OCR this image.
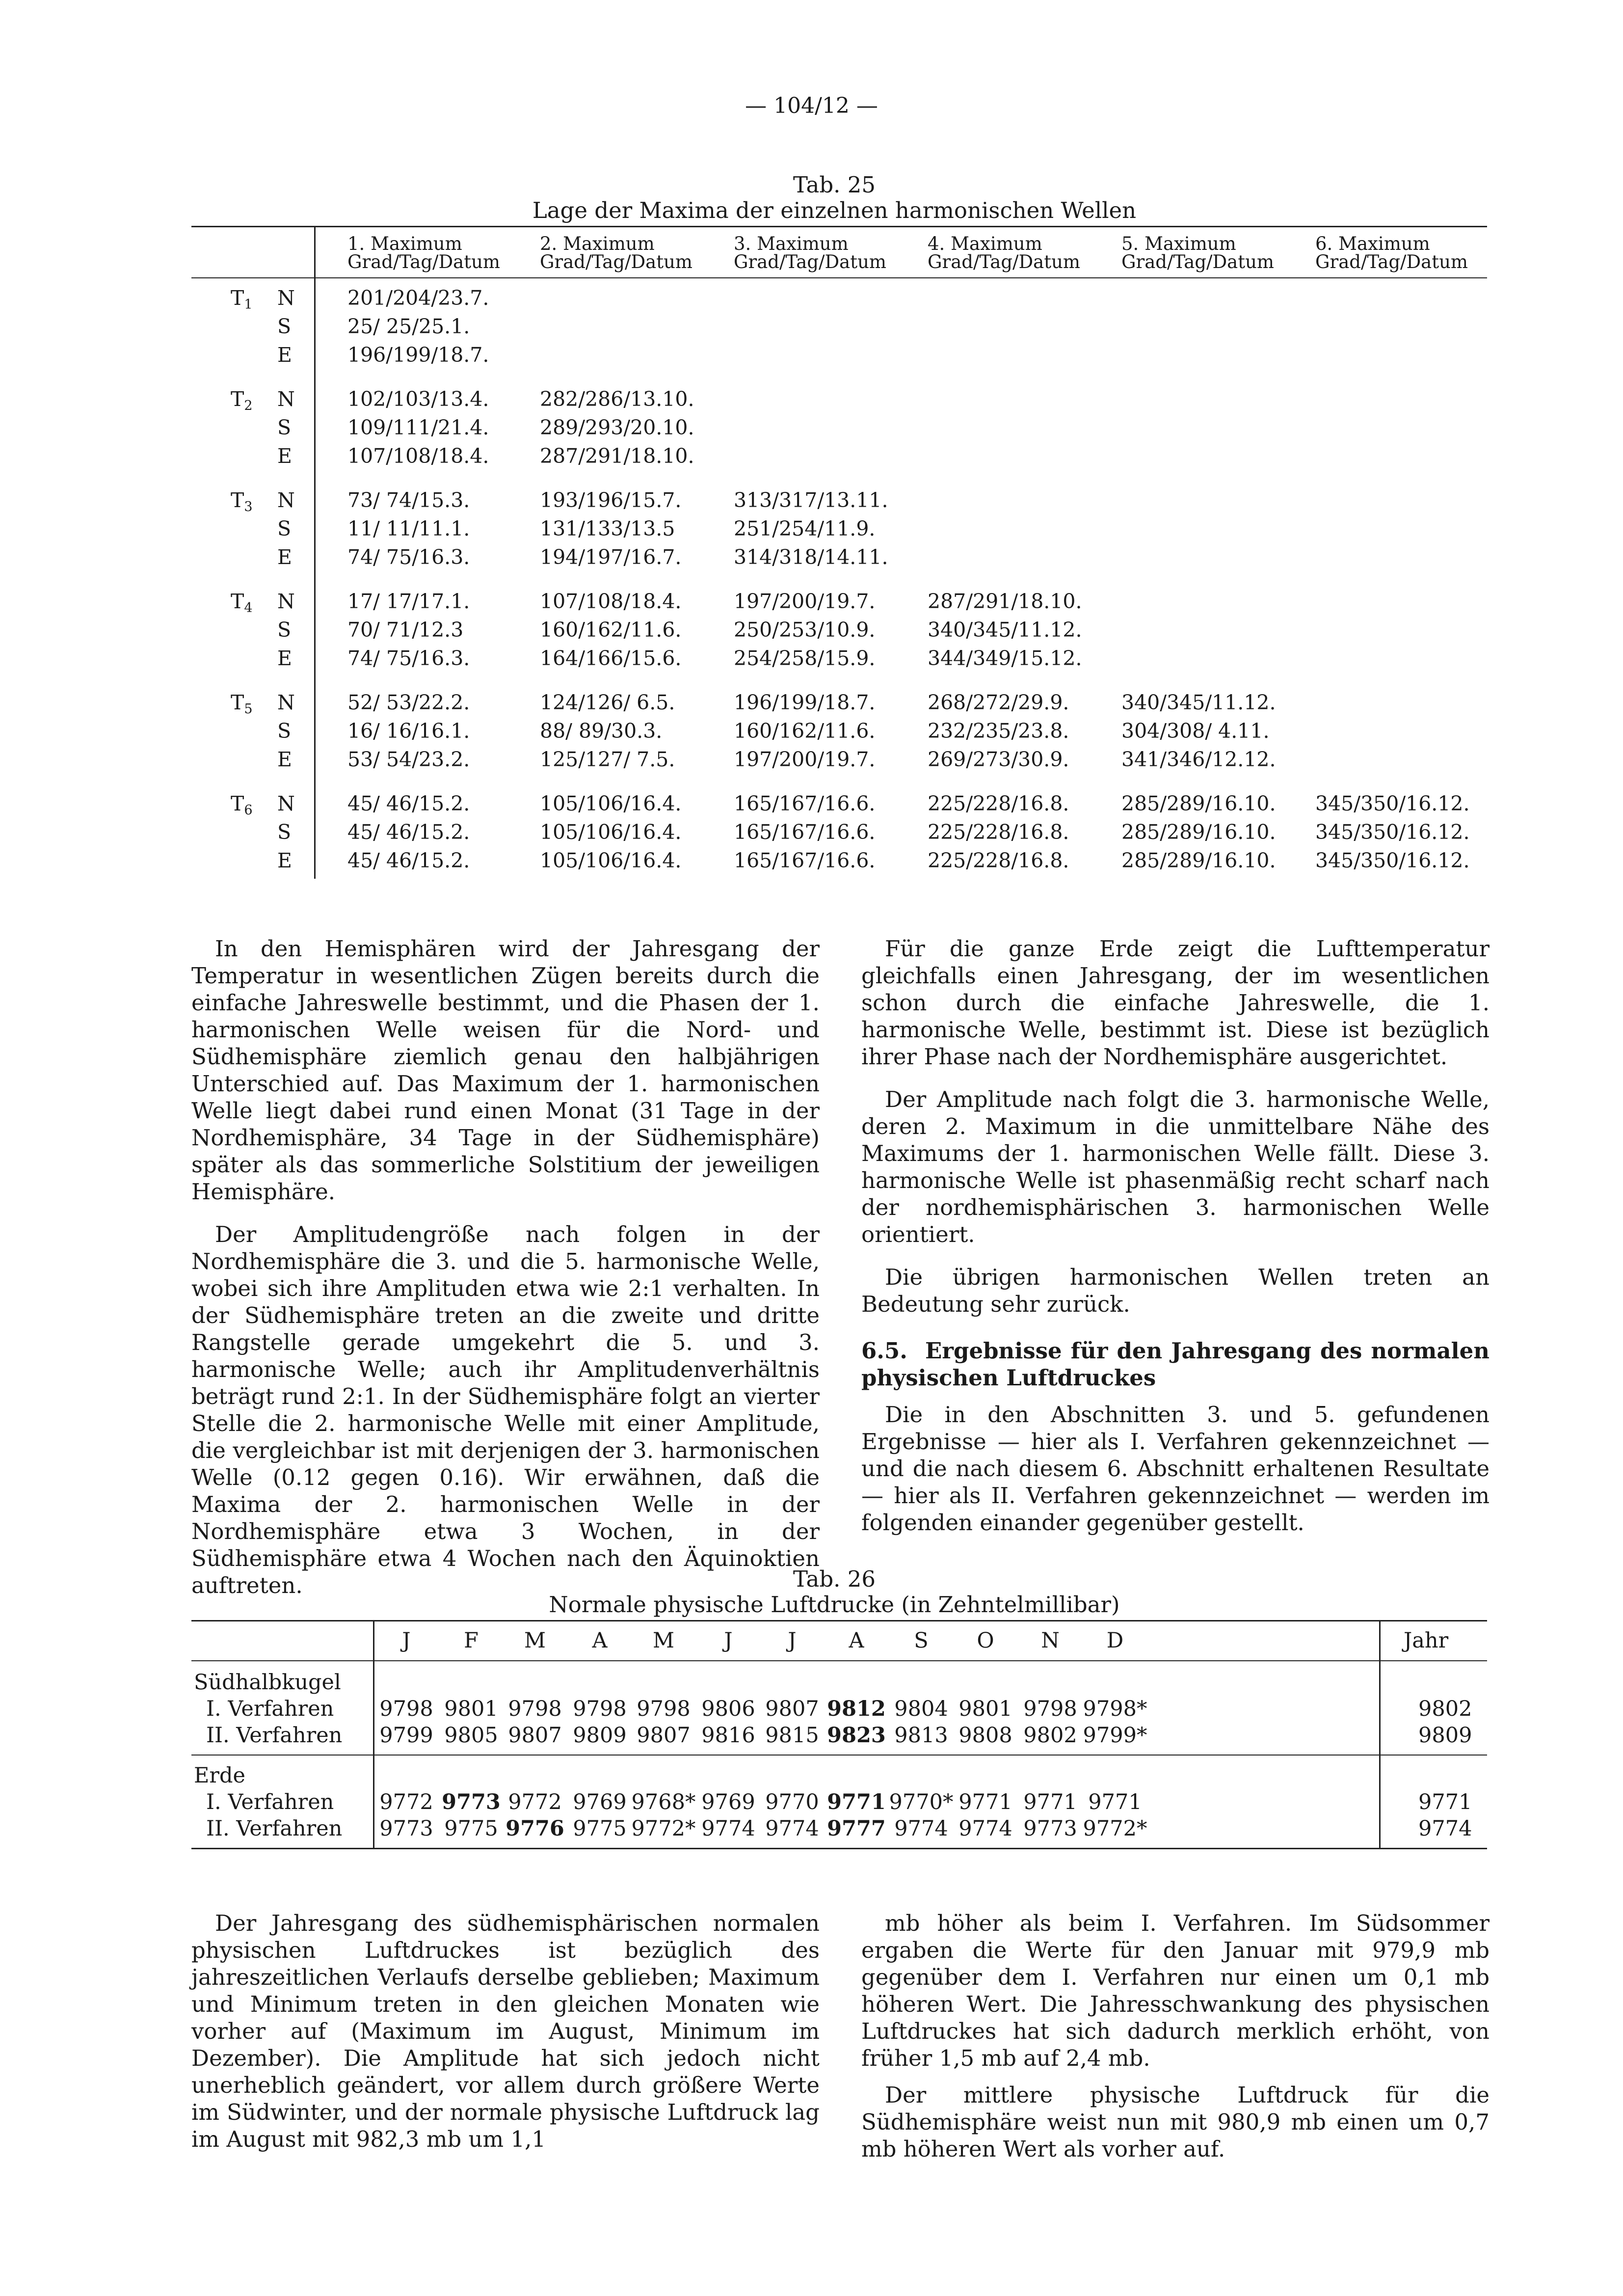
— 104/12 —
Tab. 25
Lage der Maxima der einzelnen harmonischen Wellen
1. Maximum
Grad/Tag/Datum
2. Maximum
Grad/Tag/Datum
3. Maximum
Grad/Tag/Datum
4. Maximum
Grad/Tag/Datum
5. Maximum
Grad/Tag/Datum
6. Maximum
Grad/Tag/Datum
$T_1$ N	201/204/23.7.
S	25/ 25/25.1.
E	196/199/18.7.
$T_2$ N	102/103/13.4.	282/286/13.10.
S	109/111/21.4.	289/293/20.10.
E	107/108/18.4.	287/291/18.10.
$T_3$ N	73/ 74/15.3.	193/196/15.7.	313/317/13.11.
S	11/ 11/11.1.	131/133/13.5	251/254/11.9.
E	74/ 75/16.3.	194/197/16.7.	314/318/14.11.
$T_4$ N	17/ 17/17.1.	107/108/18.4.	197/200/19.7.	287/291/18.10.
S	70/ 71/12.3	160/162/11.6.	250/253/10.9.	340/345/11.12.
E	74/ 75/16.3.	164/166/15.6.	254/258/15.9.	344/349/15.12.
$T_5$ N	52/ 53/22.2.	124/126/ 6.5.	196/199/18.7.	268/272/29.9.	340/345/11.12.
S	16/ 16/16.1.	88/ 89/30.3.	160/162/11.6.	232/235/23.8.	304/308/ 4.11.
E	53/ 54/23.2.	125/127/ 7.5.	197/200/19.7.	269/273/30.9.	341/346/12.12.
$T_6$ N	45/ 46/15.2.	105/106/16.4.	165/167/16.6.	225/228/16.8.	285/289/16.10. 345/350/16.12.
S	45/ 46/15.2.	105/106/16.4.	165/167/16.6.	225/228/16.8.	285/289/16.10. 345/350/16.12.
E	45/ 46/15.2.	105/106/16.4.	165/167/16.6.	225/228/16.8.	285/289/16.10. 345/350/16.12.

In den Hemisphären wird der Jahresgang der Temperatur in wesentlichen Zügen bereits durch die einfache Jahreswelle bestimmt, und die Phasen der 1. harmonischen Welle weisen für die Nord- und Südhemisphäre ziemlich genau den halbjährigen Unterschied auf. Das Maximum der 1. harmonischen Welle liegt dabei rund einen Monat (31 Tage in der Nordhemisphäre, 34 Tage in der Südhemisphäre) später als das sommerliche Solstitium der jeweiligen Hemisphäre.

Der Amplitudengröße nach folgen in der Nordhemisphäre die 3. und die 5. harmonische Welle, wobei sich ihre Amplituden etwa wie 2:1 verhalten. In der Südhemisphäre treten an die zweite und dritte Rangstelle gerade umgekehrt die 5. und 3. harmonische Welle; auch ihr Amplitudenverhältnis beträgt rund 2:1. In der Südhemisphäre folgt an vierter Stelle die 2. harmonische Welle mit einer Amplitude, die vergleichbar ist mit derjenigen der 3. harmonischen Welle (0.12 gegen 0.16). Wir erwähnen, daß die Maxima der 2. harmonischen Welle in der Nordhemisphäre etwa 3 Wochen, in der Südhemisphäre etwa 4 Wochen nach den Äquinoktien auftreten.

Für die ganze Erde zeigt die Lufttemperatur gleichfalls einen Jahresgang, der im wesentlichen schon durch die einfache Jahreswelle, die 1. harmonische Welle, bestimmt ist. Diese ist bezüglich ihrer Phase nach der Nordhemisphäre ausgerichtet.

Der Amplitude nach folgt die 3. harmonische Welle, deren 2. Maximum in die unmittelbare Nähe des Maximums der 1. harmonischen Welle fällt. Diese 3. harmonische Welle ist phasenmäßig recht scharf nach der nordhemisphärischen 3. harmonischen Welle orientiert.

Die übrigen harmonischen Wellen treten an Bedeutung sehr zurück.

6.5. Ergebnisse für den Jahresgang des normalen physischen Luftdruckes

Die in den Abschnitten 3. und 5. gefundenen Ergebnisse — hier als I. Verfahren gekennzeichnet — und die nach diesem 6. Abschnitt erhaltenen Resultate — hier als II. Verfahren gekennzeichnet — werden im folgenden einander gegenüber gestellt.

Tab. 26
Normale physische Luftdrucke (in Zehntelmillibar)
J	F	M	A	M	J	J	A	S	O	N	D	Jahr
Südhalbkugel
I. Verfahren	9798 9801 9798 9798 9798 9806 9807 9812 9804 9801 9798 9798*	9802
II. Verfahren	9799 9805 9807 9809 9807 9816 9815 9823 9813 9808 9802 9799*	9809
Erde
I. Verfahren	9772 9773 9772 9769 9768* 9769 9770 9771 9770* 9771 9771 9771	9771
II. Verfahren	9773 9775 9776 9775 9772* 9774 9774 9777 9774 9774 9773 9772*	9774

Der Jahresgang des südhemisphärischen normalen physischen Luftdruckes ist bezüglich des jahreszeitlichen Verlaufs derselbe geblieben; Maximum und Minimum treten in den gleichen Monaten wie vorher auf (Maximum im August, Minimum im Dezember). Die Amplitude hat sich jedoch nicht unerheblich geändert, vor allem durch größere Werte im Südwinter, und der normale physische Luftdruck lag im August mit 982,3 mb um 1,1

mb höher als beim I. Verfahren. Im Südsommer ergaben die Werte für den Januar mit 979,9 mb gegenüber dem I. Verfahren nur einen um 0,1 mb höheren Wert. Die Jahresschwankung des physischen Luftdruckes hat sich dadurch merklich erhöht, von früher 1,5 mb auf 2,4 mb.

Der mittlere physische Luftdruck für die Südhemisphäre weist nun mit 980,9 mb einen um 0,7 mb höheren Wert als vorher auf.
